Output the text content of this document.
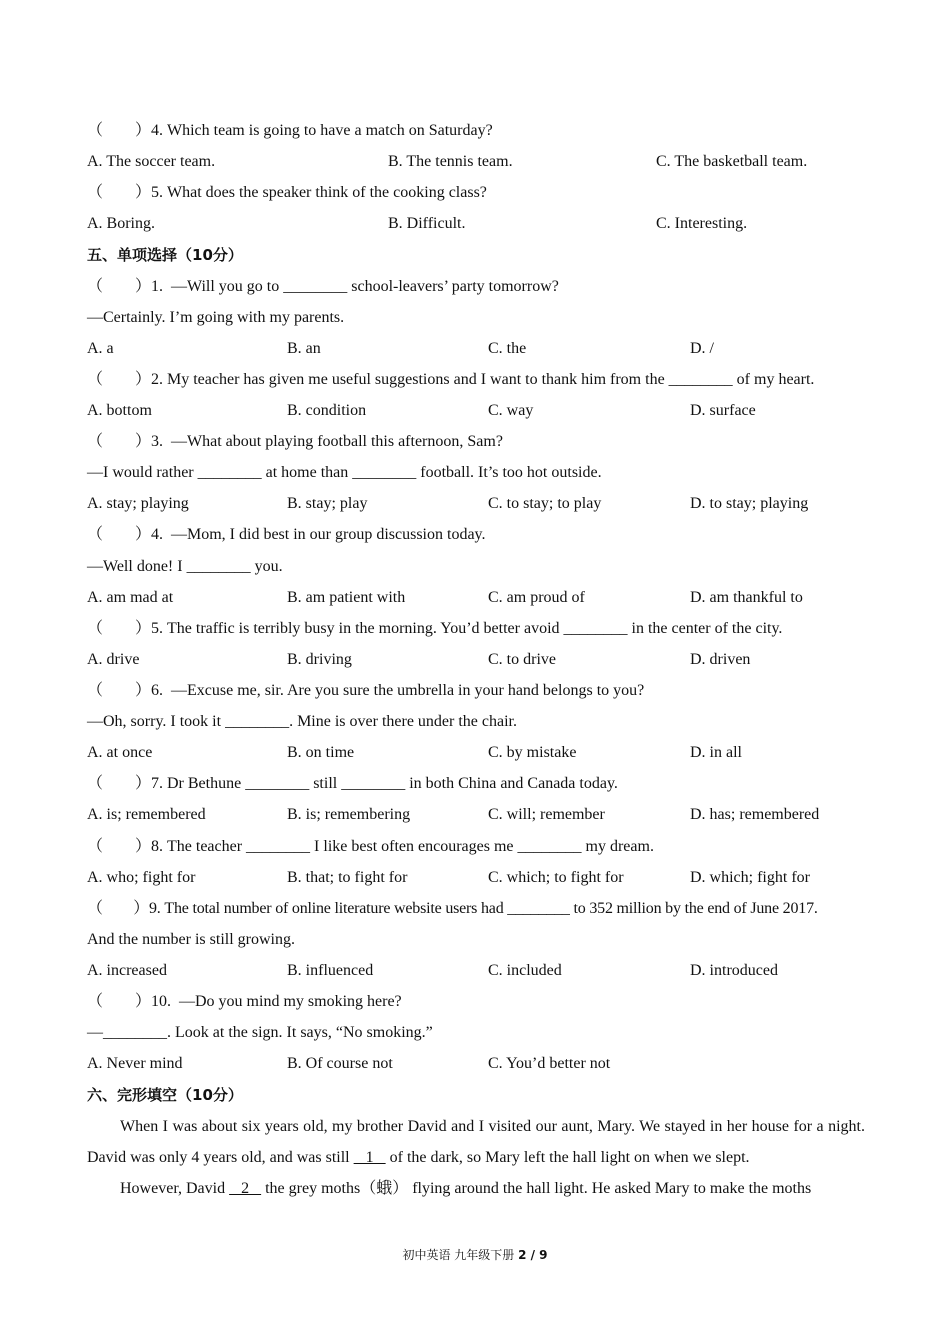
（        ）4. Which team is going to have a match on Saturday?
A. The soccer team.	B. The tennis team.	C. The basketball team.
（        ）5. What does the speaker think of the cooking class?
A. Boring.	B. Difficult.	C. Interesting.
五、单项选择（10分）
（        ）1.  —Will you go to ________ school-leavers’ party tomorrow?
—Certainly. I’m going with my parents.
A. a	B. an	C. the	D. /
（        ）2. My teacher has given me useful suggestions and I want to thank him from the ________ of my heart.
A. bottom	B. condition	C. way	D. surface
（        ）3.  —What about playing football this afternoon, Sam?
—I would rather ________ at home than ________ football. It’s too hot outside.
A. stay; playing	B. stay; play	C. to stay; to play	D. to stay; playing
（        ）4.  —Mom, I did best in our group discussion today.
—Well done! I ________ you.
A. am mad at	B. am patient with	C. am proud of	D. am thankful to
（        ）5. The traffic is terribly busy in the morning. You’d better avoid ________ in the center of the city.
A. drive	B. driving	C. to drive	D. driven
（        ）6.  —Excuse me, sir. Are you sure the umbrella in your hand belongs to you?
—Oh, sorry. I took it ________. Mine is over there under the chair.
A. at once	B. on time	C. by mistake	D. in all
（        ）7. Dr Bethune ________ still ________ in both China and Canada today.
A. is; remembered	B. is; remembering	C. will; remember	D. has; remembered
（        ）8. The teacher ________ I like best often encourages me ________ my dream.
A. who; fight for	B. that; to fight for	C. which; to fight for	D. which; fight for
（        ）9. The total number of online literature website users had ________ to 352 million by the end of June 2017.
And the number is still growing.
A. increased	B. influenced	C. included	D. introduced
（        ）10.  —Do you mind my smoking here?
—________. Look at the sign. It says, “No smoking.”
A. Never mind	B. Of course not	C. You’d better not
六、完形填空（10分）

When I was about six years old, my brother David and I visited our aunt, Mary. We stayed in her house for a night. David was only 4 years old, and was still    1    of the dark, so Mary left the hall light on when we slept.

However, David    2    the grey moths（蛾） flying around the hall light. He asked Mary to make the moths

初中英语 九年级下册 2 / 9
